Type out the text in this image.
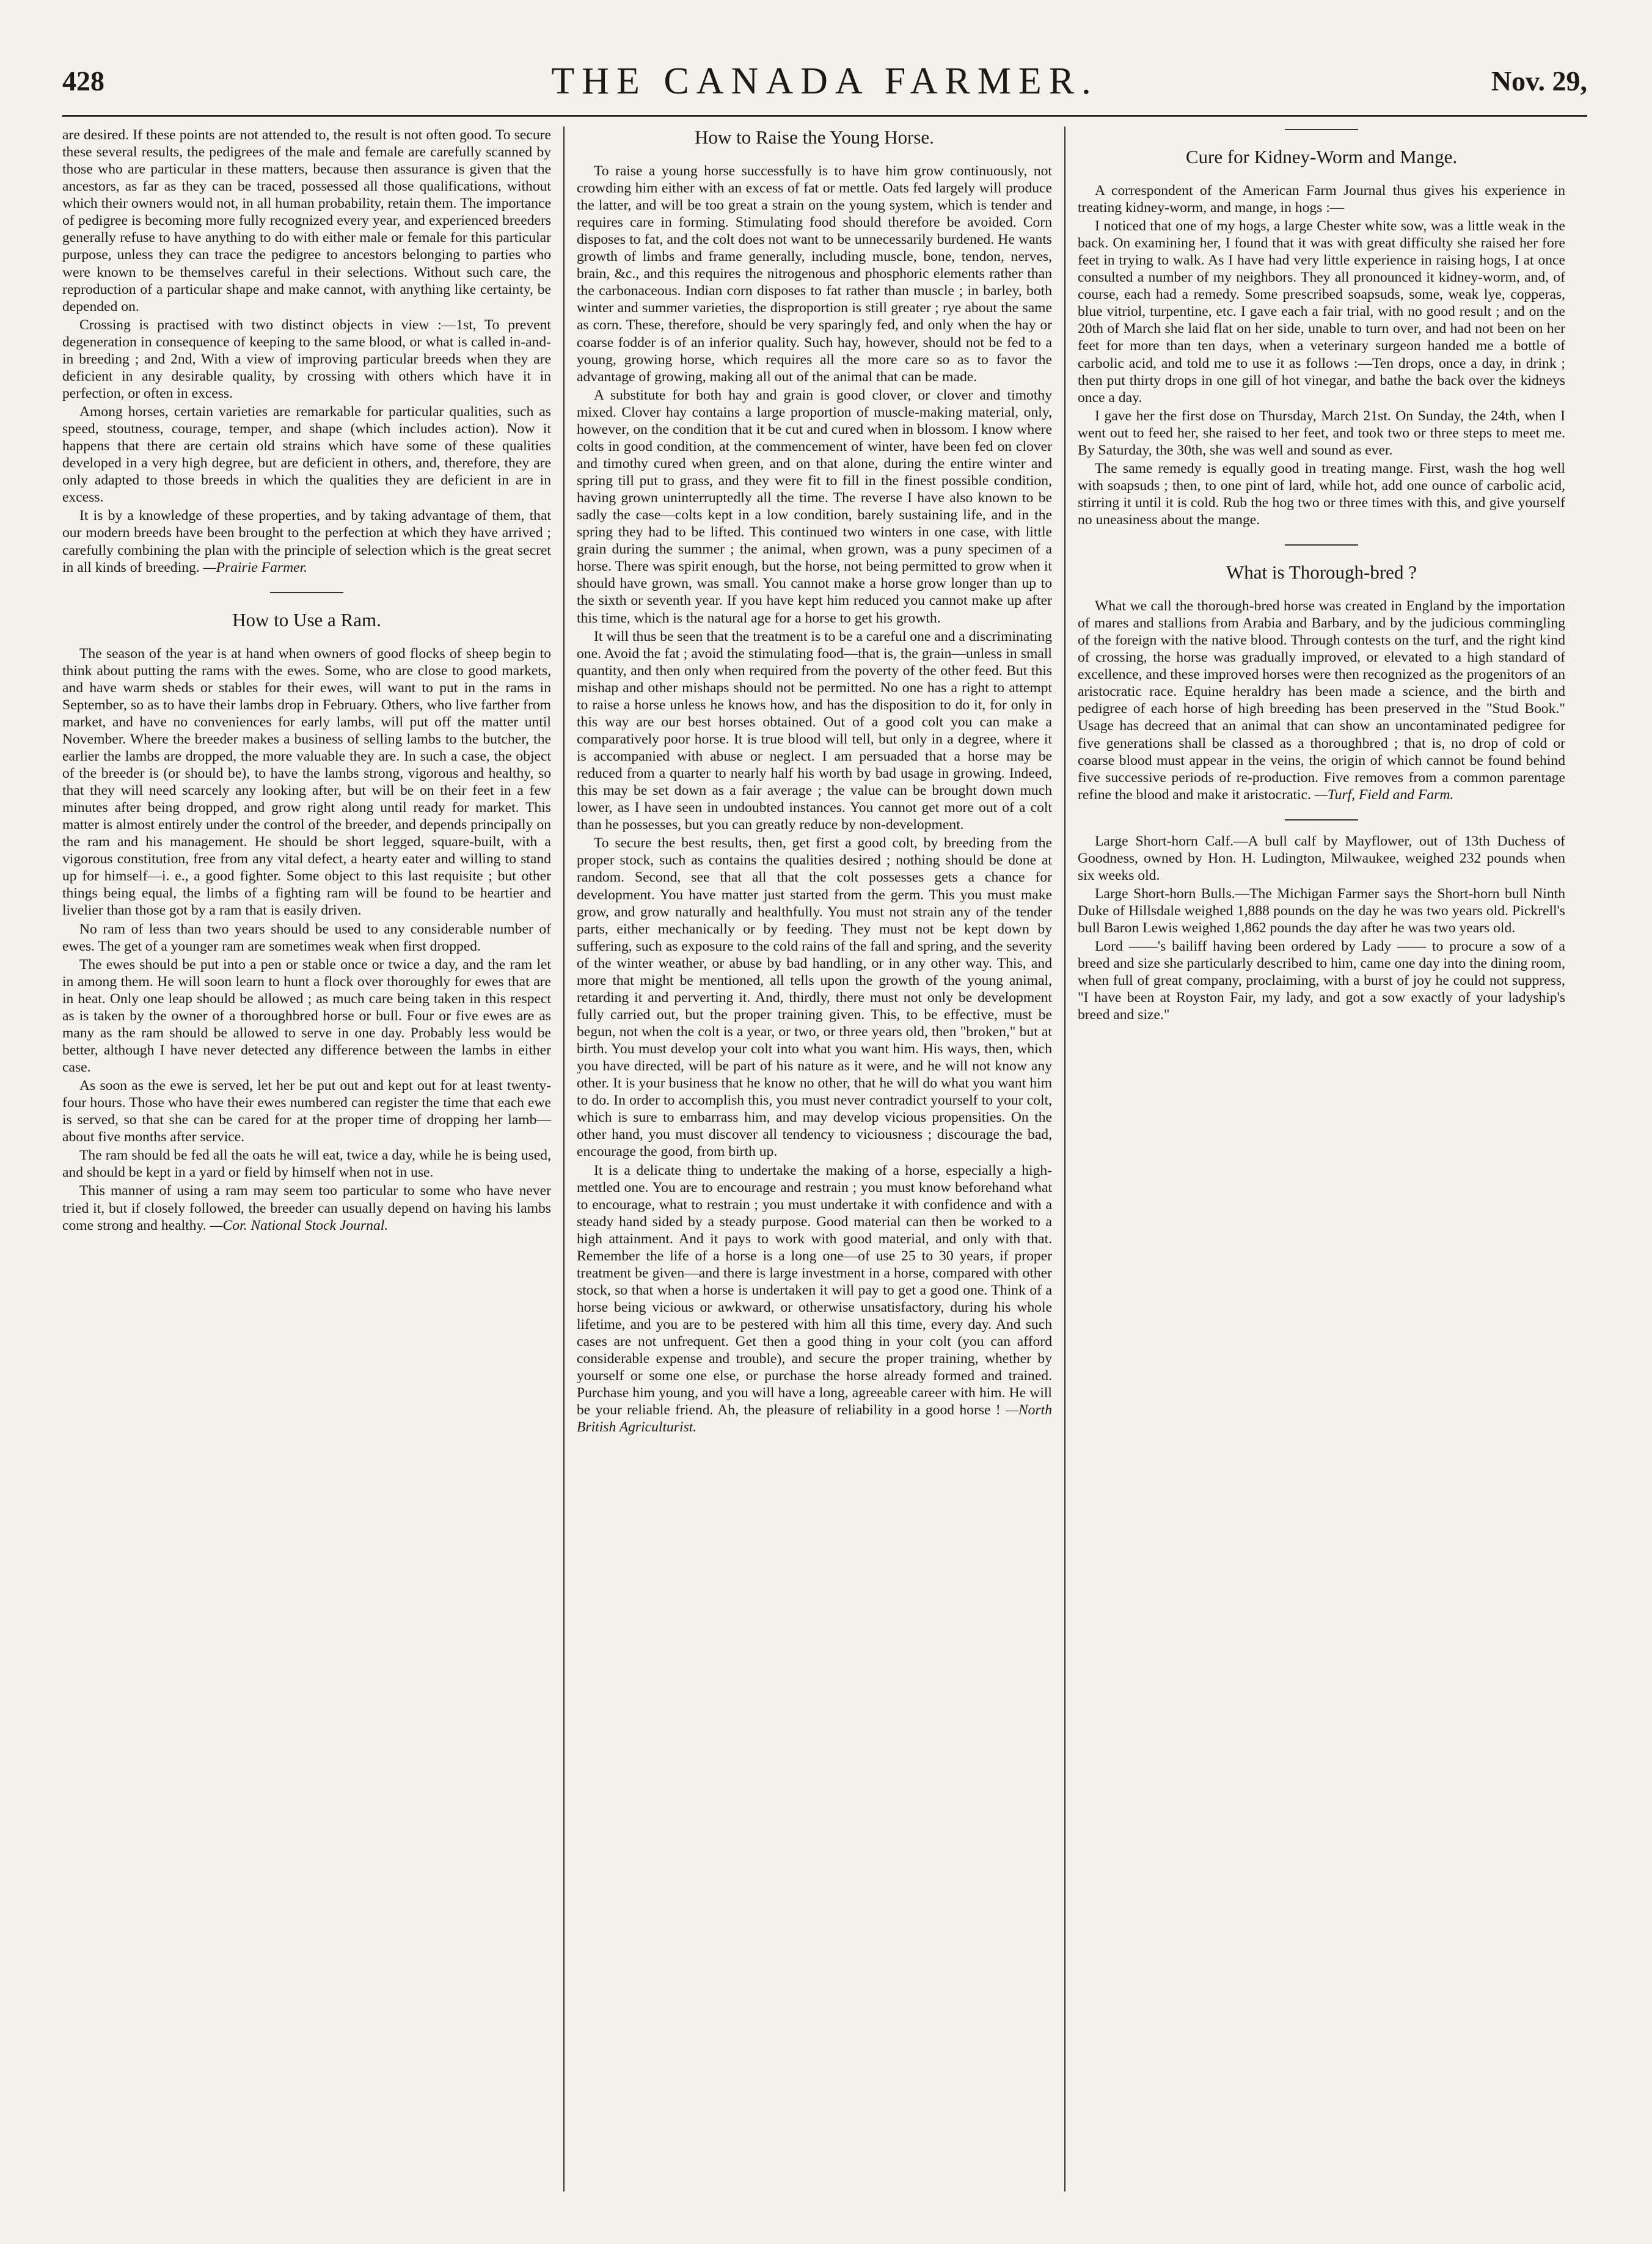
428	THE CANADA FARMER.	Nov. 29,

are desired. If these points are not attended to, the result is not often good. To secure these several results, the pedigrees of the male and female are carefully scanned by those who are particular in these matters, because then assurance is given that the ancestors, as far as they can be traced, possessed all those qualifications, without which their owners would not, in all human probability, retain them. The importance of pedigree is becoming more fully recognized every year, and experienced breeders generally refuse to have anything to do with either male or female for this particular purpose, unless they can trace the pedigree to ancestors belonging to parties who were known to be themselves careful in their selections. Without such care, the reproduction of a particular shape and make cannot, with anything like certainty, be depended on.

Crossing is practised with two distinct objects in view :—1st, To prevent degeneration in consequence of keeping to the same blood, or what is called in-and-in breeding ; and 2nd, With a view of improving particular breeds when they are deficient in any desirable quality, by crossing with others which have it in perfection, or often in excess.

Among horses, certain varieties are remarkable for particular qualities, such as speed, stoutness, courage, temper, and shape (which includes action). Now it happens that there are certain old strains which have some of these qualities developed in a very high degree, but are deficient in others, and, therefore, they are only adapted to those breeds in which the qualities they are deficient in are in excess.

It is by a knowledge of these properties, and by taking advantage of them, that our modern breeds have been brought to the perfection at which they have arrived ; carefully combining the plan with the principle of selection which is the great secret in all kinds of breeding. —Prairie Farmer.

How to Use a Ram.

The season of the year is at hand when owners of good flocks of sheep begin to think about putting the rams with the ewes. Some, who are close to good markets, and have warm sheds or stables for their ewes, will want to put in the rams in September, so as to have their lambs drop in February. Others, who live farther from market, and have no conveniences for early lambs, will put off the matter until November. Where the breeder makes a business of selling lambs to the butcher, the earlier the lambs are dropped, the more valuable they are. In such a case, the object of the breeder is (or should be), to have the lambs strong, vigorous and healthy, so that they will need scarcely any looking after, but will be on their feet in a few minutes after being dropped, and grow right along until ready for market. This matter is almost entirely under the control of the breeder, and depends principally on the ram and his management. He should be short legged, square-built, with a vigorous constitution, free from any vital defect, a hearty eater and willing to stand up for himself—i. e., a good fighter. Some object to this last requisite ; but other things being equal, the limbs of a fighting ram will be found to be heartier and livelier than those got by a ram that is easily driven.

No ram of less than two years should be used to any considerable number of ewes. The get of a younger ram are sometimes weak when first dropped.

The ewes should be put into a pen or stable once or twice a day, and the ram let in among them. He will soon learn to hunt a flock over thoroughly for ewes that are in heat. Only one leap should be allowed ; as much care being taken in this respect as is taken by the owner of a thoroughbred horse or bull. Four or five ewes are as many as the ram should be allowed to serve in one day. Probably less would be better, although I have never detected any difference between the lambs in either case.

As soon as the ewe is served, let her be put out and kept out for at least twenty-four hours. Those who have their ewes numbered can register the time that each ewe is served, so that she can be cared for at the proper time of dropping her lamb—about five months after service.

The ram should be fed all the oats he will eat, twice a day, while he is being used, and should be kept in a yard or field by himself when not in use.

This manner of using a ram may seem too particular to some who have never tried it, but if closely followed, the breeder can usually depend on having his lambs come strong and healthy. —Cor. National Stock Journal.

How to Raise the Young Horse.

To raise a young horse successfully is to have him grow continuously, not crowding him either with an excess of fat or mettle. Oats fed largely will produce the latter, and will be too great a strain on the young system, which is tender and requires care in forming. Stimulating food should therefore be avoided. Corn disposes to fat, and the colt does not want to be unnecessarily burdened. He wants growth of limbs and frame generally, including muscle, bone, tendon, nerves, brain, &c., and this requires the nitrogenous and phosphoric elements rather than the carbonaceous. Indian corn disposes to fat rather than muscle ; in barley, both winter and summer varieties, the disproportion is still greater ; rye about the same as corn. These, therefore, should be very sparingly fed, and only when the hay or coarse fodder is of an inferior quality. Such hay, however, should not be fed to a young, growing horse, which requires all the more care so as to favor the advantage of growing, making all out of the animal that can be made.

A substitute for both hay and grain is good clover, or clover and timothy mixed. Clover hay contains a large proportion of muscle-making material, only, however, on the condition that it be cut and cured when in blossom. I know where colts in good condition, at the commencement of winter, have been fed on clover and timothy cured when green, and on that alone, during the entire winter and spring till put to grass, and they were fit to fill in the finest possible condition, having grown uninterruptedly all the time. The reverse I have also known to be sadly the case—colts kept in a low condition, barely sustaining life, and in the spring they had to be lifted. This continued two winters in one case, with little grain during the summer ; the animal, when grown, was a puny specimen of a horse. There was spirit enough, but the horse, not being permitted to grow when it should have grown, was small. You cannot make a horse grow longer than up to the sixth or seventh year. If you have kept him reduced you cannot make up after this time, which is the natural age for a horse to get his growth.

It will thus be seen that the treatment is to be a careful one and a discriminating one. Avoid the fat ; avoid the stimulating food—that is, the grain—unless in small quantity, and then only when required from the poverty of the other feed. But this mishap and other mishaps should not be permitted. No one has a right to attempt to raise a horse unless he knows how, and has the disposition to do it, for only in this way are our best horses obtained. Out of a good colt you can make a comparatively poor horse. It is true blood will tell, but only in a degree, where it is accompanied with abuse or neglect. I am persuaded that a horse may be reduced from a quarter to nearly half his worth by bad usage in growing. Indeed, this may be set down as a fair average ; the value can be brought down much lower, as I have seen in undoubted instances. You cannot get more out of a colt than he possesses, but you can greatly reduce by non-development.

To secure the best results, then, get first a good colt, by breeding from the proper stock, such as contains the qualities desired ; nothing should be done at random. Second, see that all that the colt possesses gets a chance for development. You have matter just started from the germ. This you must make grow, and grow naturally and healthfully. You must not strain any of the tender parts, either mechanically or by feeding. They must not be kept down by suffering, such as exposure to the cold rains of the fall and spring, and the severity of the winter weather, or abuse by bad handling, or in any other way. This, and more that might be mentioned, all tells upon the growth of the young animal, retarding it and perverting it. And, thirdly, there must not only be development fully carried out, but the proper training given. This, to be effective, must be begun, not when the colt is a year, or two, or three years old, then "broken," but at birth. You must develop your colt into what you want him. His ways, then, which you have directed, will be part of his nature as it were, and he will not know any other. It is your business that he know no other, that he will do what you want him to do. In order to accomplish this, you must never contradict yourself to your colt, which is sure to embarrass him, and may develop vicious propensities. On the other hand, you must discover all tendency to viciousness ; discourage the bad, encourage the good, from birth up.

It is a delicate thing to undertake the making of a horse, especially a high-mettled one. You are to encourage and restrain ; you must know beforehand what to encourage, what to restrain ; you must undertake it with confidence and with a steady hand sided by a steady purpose. Good material can then be worked to a high attainment. And it pays to work with good material, and only with that. Remember the life of a horse is a long one—of use 25 to 30 years, if proper treatment be given—and there is large investment in a horse, compared with other stock, so that when a horse is undertaken it will pay to get a good one. Think of a horse being vicious or awkward, or otherwise unsatisfactory, during his whole lifetime, and you are to be pestered with him all this time, every day. And such cases are not unfrequent. Get then a good thing in your colt (you can afford considerable expense and trouble), and secure the proper training, whether by yourself or some one else, or purchase the horse already formed and trained. Purchase him young, and you will have a long, agreeable career with him. He will be your reliable friend. Ah, the pleasure of reliability in a good horse ! —North British Agriculturist.

Cure for Kidney-Worm and Mange.

A correspondent of the American Farm Journal thus gives his experience in treating kidney-worm, and mange, in hogs :—

I noticed that one of my hogs, a large Chester white sow, was a little weak in the back. On examining her, I found that it was with great difficulty she raised her fore feet in trying to walk. As I have had very little experience in raising hogs, I at once consulted a number of my neighbors. They all pronounced it kidney-worm, and, of course, each had a remedy. Some prescribed soapsuds, some, weak lye, copperas, blue vitriol, turpentine, etc. I gave each a fair trial, with no good result ; and on the 20th of March she laid flat on her side, unable to turn over, and had not been on her feet for more than ten days, when a veterinary surgeon handed me a bottle of carbolic acid, and told me to use it as follows :—Ten drops, once a day, in drink ; then put thirty drops in one gill of hot vinegar, and bathe the back over the kidneys once a day.

I gave her the first dose on Thursday, March 21st. On Sunday, the 24th, when I went out to feed her, she raised to her feet, and took two or three steps to meet me. By Saturday, the 30th, she was well and sound as ever.

The same remedy is equally good in treating mange. First, wash the hog well with soapsuds ; then, to one pint of lard, while hot, add one ounce of carbolic acid, stirring it until it is cold. Rub the hog two or three times with this, and give yourself no uneasiness about the mange.

What is Thorough-bred ?

What we call the thorough-bred horse was created in England by the importation of mares and stallions from Arabia and Barbary, and by the judicious commingling of the foreign with the native blood. Through contests on the turf, and the right kind of crossing, the horse was gradually improved, or elevated to a high standard of excellence, and these improved horses were then recognized as the progenitors of an aristocratic race. Equine heraldry has been made a science, and the birth and pedigree of each horse of high breeding has been preserved in the "Stud Book." Usage has decreed that an animal that can show an uncontaminated pedigree for five generations shall be classed as a thoroughbred ; that is, no drop of cold or coarse blood must appear in the veins, the origin of which cannot be found behind five successive periods of re-production. Five removes from a common parentage refine the blood and make it aristocratic. —Turf, Field and Farm.

Large Short-horn Calf.—A bull calf by Mayflower, out of 13th Duchess of Goodness, owned by Hon. H. Ludington, Milwaukee, weighed 232 pounds when six weeks old.

Large Short-horn Bulls.—The Michigan Farmer says the Short-horn bull Ninth Duke of Hillsdale weighed 1,888 pounds on the day he was two years old. Pickrell's bull Baron Lewis weighed 1,862 pounds the day after he was two years old.

Lord ——'s bailiff having been ordered by Lady —— to procure a sow of a breed and size she particularly described to him, came one day into the dining room, when full of great company, proclaiming, with a burst of joy he could not suppress, "I have been at Royston Fair, my lady, and got a sow exactly of your ladyship's breed and size."
